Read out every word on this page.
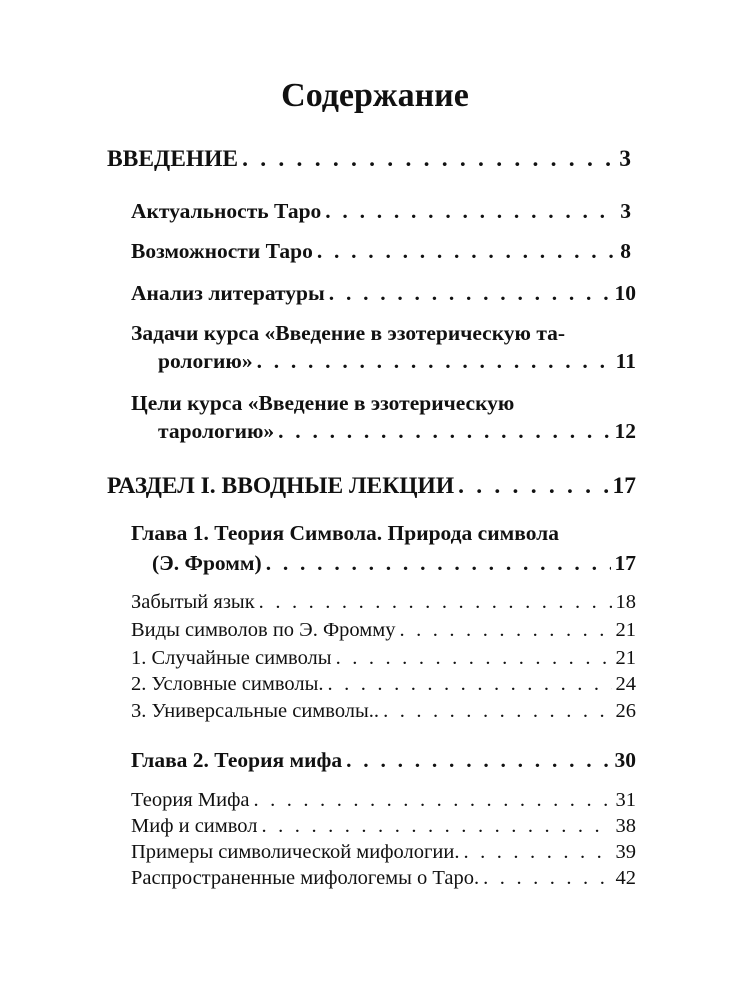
Содержание
ВВЕДЕНИЕ . . .	3
Актуальность Таро . . .	3
Возможности Таро . . .	8
Анализ литературы . . .	10
Задачи курса «Введение в эзотерическую та-
рологию» . . .	11
Цели курса «Введение в эзотерическую
тарологию» . . .	12
РАЗДЕЛ I. ВВОДНЫЕ ЛЕКЦИИ . . .	17
Глава 1. Теория Символа. Природа символа
(Э. Фромм) . . .	17
Забытый язык . . .	18
Виды символов по Э. Фромму . . .	21
1. Случайные символы . . .	21
2. Условные символы. . . .	24
3. Универсальные символы.. . . .	26
Глава 2. Теория мифа . . .	30
Теория Мифа . . .	31
Миф и символ . . .	38
Примеры символической мифологии. . . .	39
Распространенные мифологемы о Таро. . . .	42
